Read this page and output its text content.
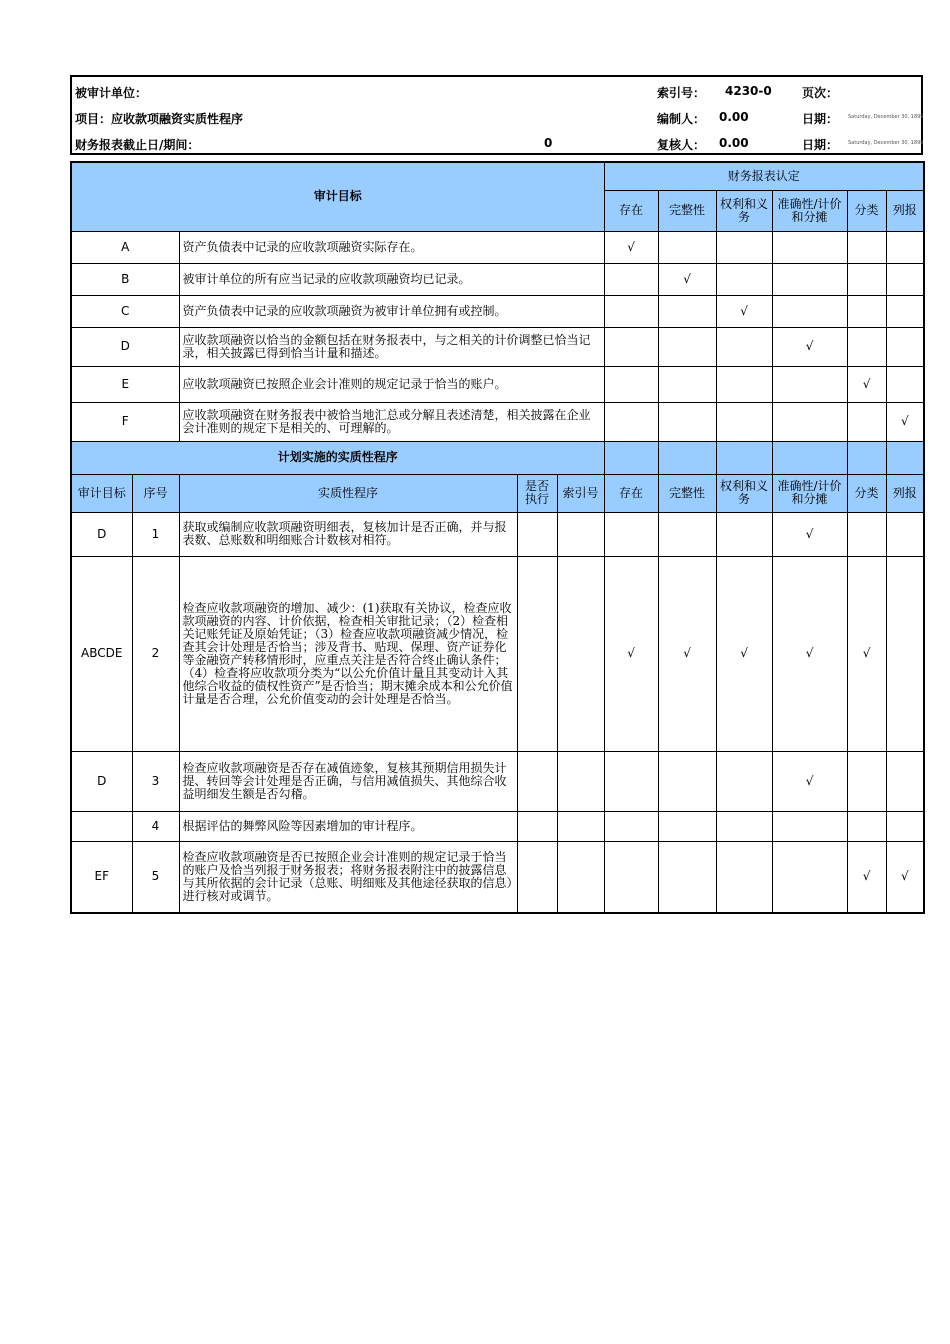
被审计单位：
项目：应收款项融资实质性程序
财务报表截止日/期间：	0
索引号： 4230-0	页次：
编制人： 0.00	日期： Saturday, December 30, 1899
复核人： 0.00	日期： Saturday, December 30, 1899
审计目标					财务报表认定					
					存在	完整性	权利和义务	准确性/计价和分摊	分类	列报
A		资产负债表中记录的应收款项融资实际存在。			√					
B		被审计单位的所有应当记录的应收款项融资均已记录。				√				
C		资产负债表中记录的应收款项融资为被审计单位拥有或控制。					√			
D		应收款项融资以恰当的金额包括在财务报表中，与之相关的计价调整已恰当记录，相关披露已得到恰当计量和描述。						√		
E		应收款项融资已按照企业会计准则的规定记录于恰当的账户。							√	
F		应收款项融资在财务报表中被恰当地汇总或分解且表述清楚，相关披露在企业会计准则的规定下是相关的、可理解的。								√
计划实施的实质性程序										
审计目标	序号	实质性程序	是否执行	索引号	存在	完整性	权利和义务	准确性/计价和分摊	分类	列报
D	1	获取或编制应收款项融资明细表，复核加计是否正确，并与报表数、总账数和明细账合计数核对相符。						√		
ABCDE	2	检查应收款项融资的增加、减少：(1)获取有关协议，检查应收款项融资的内容、计价依据，检查相关审批记录；（2）检查相关记账凭证及原始凭证；（3）检查应收款项融资减少情况，检查其会计处理是否恰当；涉及背书、贴现、保理、资产证券化等金融资产转移情形时，应重点关注是否符合终止确认条件；（4）检查将应收款项分类为“以公允价值计量且其变动计入其他综合收益的债权性资产”是否恰当；期末摊余成本和公允价值计量是否合理，公允价值变动的会计处理是否恰当。			√	√	√	√	√	
D	3	检查应收款项融资是否存在减值迹象，复核其预期信用损失计提、转回等会计处理是否正确，与信用减值损失、其他综合收益明细发生额是否勾稽。						√		
	4	根据评估的舞弊风险等因素增加的审计程序。								
EF	5	检查应收款项融资是否已按照企业会计准则的规定记录于恰当的账户及恰当列报于财务报表；将财务报表附注中的披露信息与其所依据的会计记录（总账、明细账及其他途径获取的信息）进行核对或调节。							√	√
